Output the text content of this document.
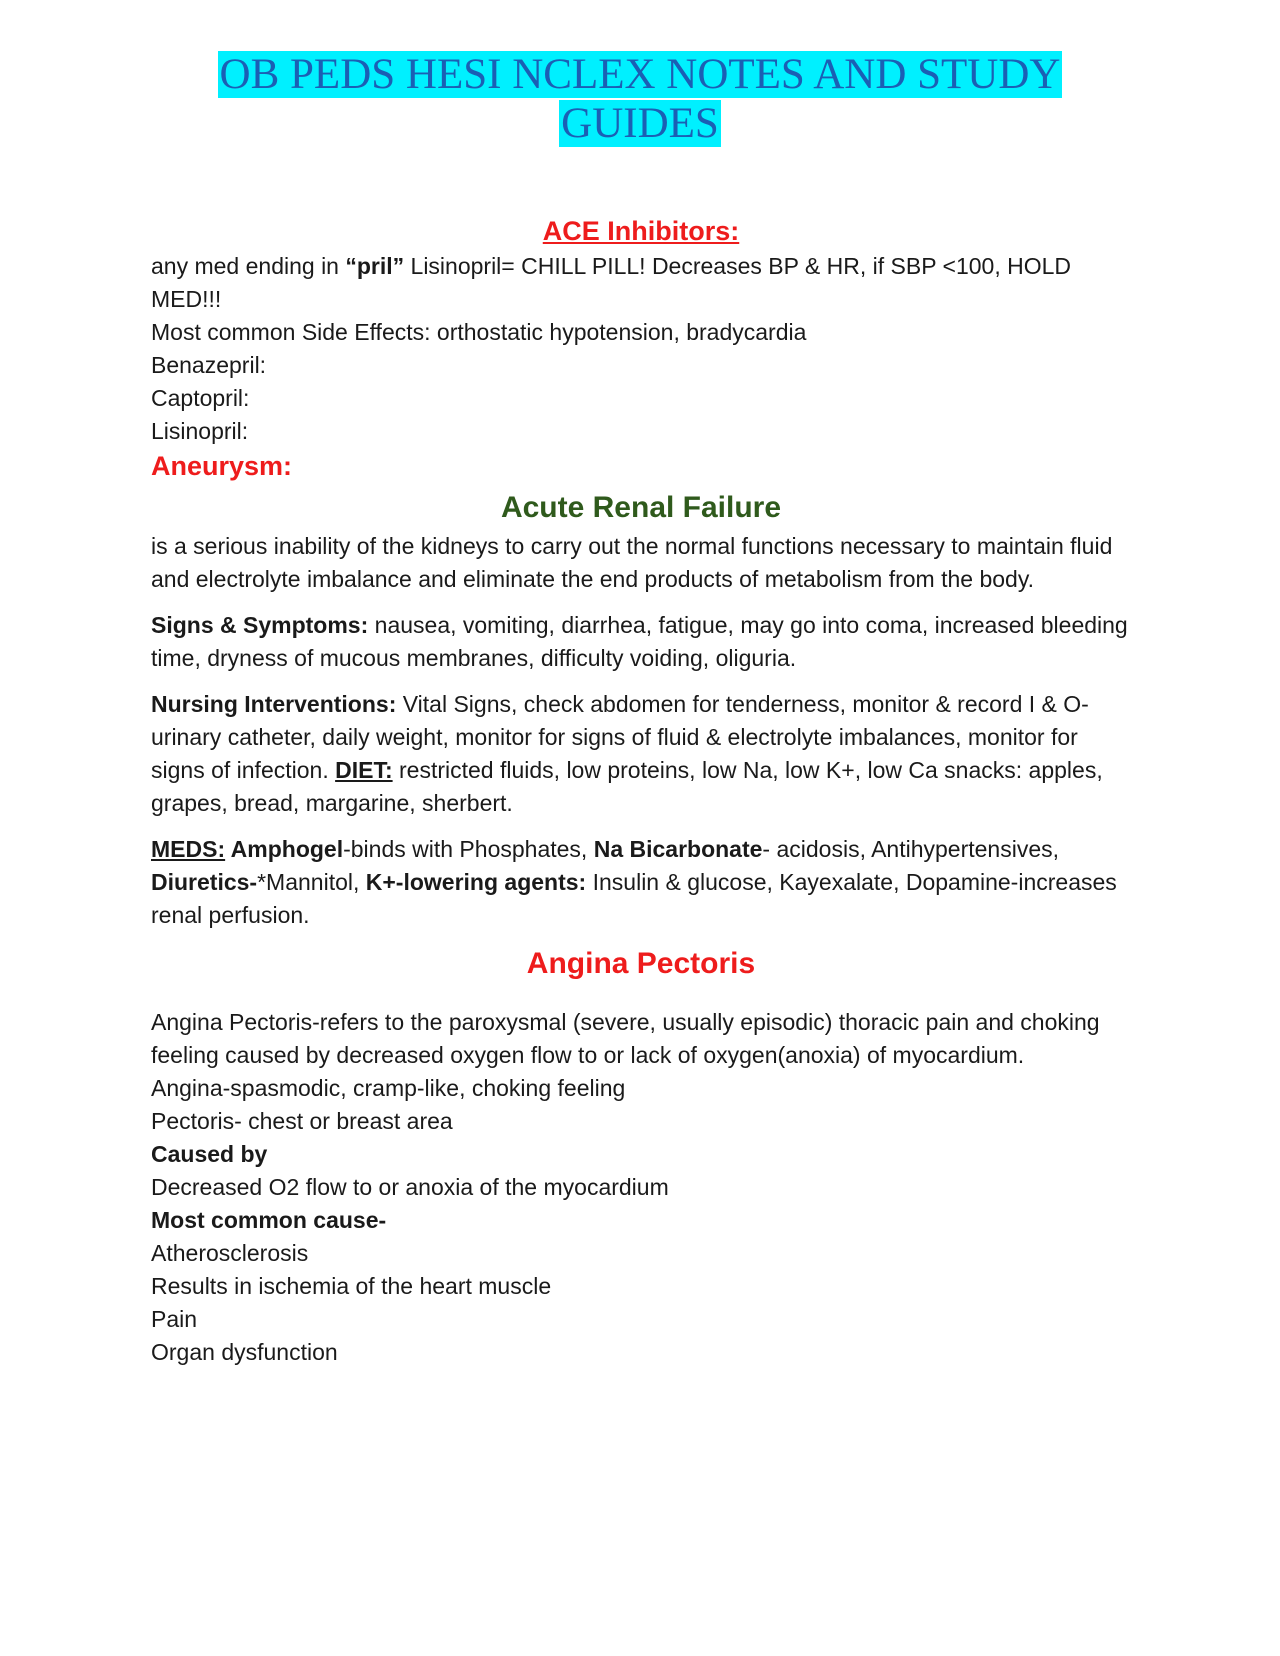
OB PEDS HESI NCLEX NOTES AND STUDY
GUIDES
ACE Inhibitors:

any med ending in “pril” Lisinopril= CHILL PILL! Decreases BP & HR, if SBP <100, HOLD MED!!!

Most common Side Effects: orthostatic hypotension, bradycardia

Benazepril:

Captopril:

Lisinopril:

Aneurysm:
Acute Renal Failure

is a serious inability of the kidneys to carry out the normal functions necessary to maintain fluid and electrolyte imbalance and eliminate the end products of metabolism from the body.

Signs & Symptoms: nausea, vomiting, diarrhea, fatigue, may go into coma, increased bleeding time, dryness of mucous membranes, difficulty voiding, oliguria.

Nursing Interventions: Vital Signs, check abdomen for tenderness, monitor & record I & O-urinary catheter, daily weight, monitor for signs of fluid & electrolyte imbalances, monitor for signs of infection. DIET: restricted fluids, low proteins, low Na, low K+, low Ca snacks: apples, grapes, bread, margarine, sherbert.

MEDS: Amphogel-binds with Phosphates, Na Bicarbonate- acidosis, Antihypertensives, Diuretics-*Mannitol, K+-lowering agents: Insulin & glucose, Kayexalate, Dopamine-increases renal perfusion.

Angina Pectoris

Angina Pectoris-refers to the paroxysmal (severe, usually episodic) thoracic pain and choking feeling caused by decreased oxygen flow to or lack of oxygen(anoxia) of myocardium.

Angina-spasmodic, cramp-like, choking feeling

Pectoris- chest or breast area

Caused by

Decreased O2 flow to or anoxia of the myocardium

Most common cause-

Atherosclerosis

Results in ischemia of the heart muscle

Pain

Organ dysfunction
